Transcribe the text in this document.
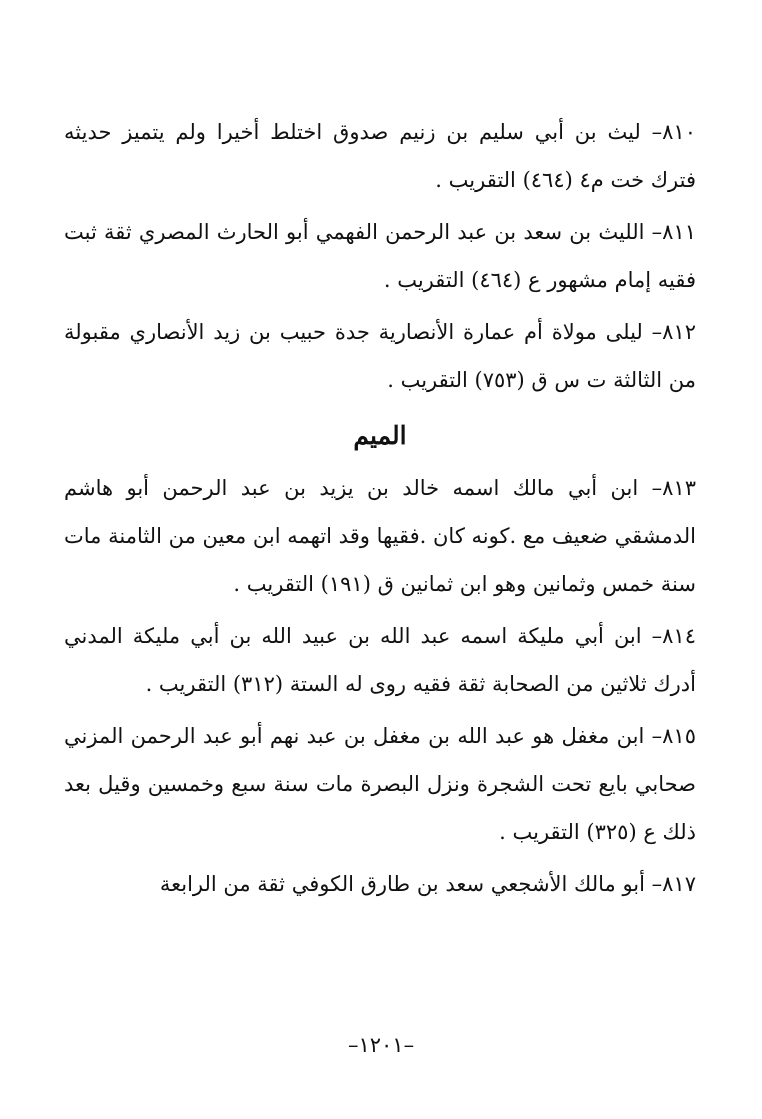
٨١٠– ليث بن أبي سليم بن زنيم صدوق اختلط أخيرا ولم يتميز حديثه فترك خت م٤ (٤٦٤) التقريب .

٨١١– الليث بن سعد بن عبد الرحمن الفهمي أبو الحارث المصري ثقة ثبت فقيه إمام مشهور ع (٤٦٤) التقريب .

٨١٢– ليلى مولاة أم عمارة الأنصارية جدة حبيب بن زيد الأنصاري مقبولة من الثالثة ت س ق (٧٥٣) التقريب .

الميم

٨١٣– ابن أبي مالك اسمه خالد بن يزيد بن عبد الرحمن أبو هاشم الدمشقي ضعيف مع .كونه كان .فقيها وقد اتهمه ابن معين من الثامنة مات سنة خمس وثمانين وهو ابن ثمانين ق (١٩١) التقريب .

٨١٤– ابن أبي مليكة اسمه عبد الله بن عبيد الله بن أبي مليكة المدني أدرك ثلاثين من الصحابة ثقة فقيه روى له الستة (٣١٢) التقريب .

٨١٥– ابن مغفل هو عبد الله بن مغفل بن عبد نهم أبو عبد الرحمن المزني صحابي بايع تحت الشجرة ونزل البصرة مات سنة سبع وخمسين وقيل بعد ذلك ع (٣٢٥) التقريب .

٨١٧– أبو مالك الأشجعي سعد بن طارق الكوفي ثقة من الرابعة

–١٢٠١–
